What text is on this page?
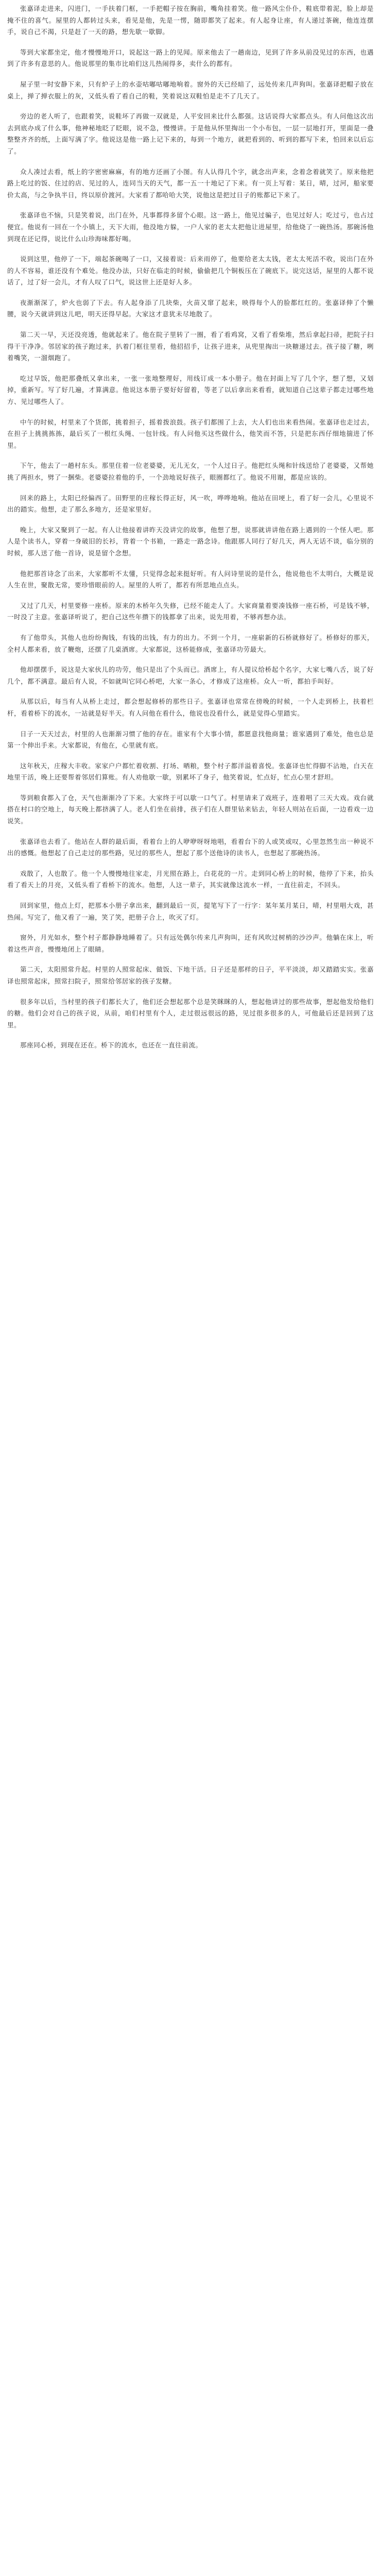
张嘉译走进来，闪进门，一手扶着门框，一手把帽子按在胸前，嘴角挂着笑。他一路风尘仆仆，鞋底带着泥，脸上却是掩不住的喜气。屋里的人都转过头来，看见是他，先是一愣，随即都笑了起来。有人起身让座，有人递过茶碗，他连连摆手，说自己不渴，只是赶了一天的路，想先歇一歇脚。

等到大家都坐定，他才慢慢地开口，说起这一路上的见闻。原来他去了一趟南边，见到了许多从前没见过的东西，也遇到了许多有意思的人。他说那里的集市比咱们这儿热闹得多，卖什么的都有。

屋子里一时安静下来，只有炉子上的水壶咕嘟咕嘟地响着。窗外的天已经暗了，远处传来几声狗叫。张嘉译把帽子放在桌上，掸了掸衣服上的灰，又低头看了看自己的鞋，笑着说这双鞋怕是走不了几天了。

旁边的老人听了，也跟着笑，说鞋坏了再做一双就是，人平安回来比什么都强。这话说得大家都点头。有人问他这次出去到底办成了什么事，他神秘地眨了眨眼，说不急，慢慢讲。于是他从怀里掏出一个小布包，一层一层地打开，里面是一叠整整齐齐的纸，上面写满了字。他说这是他一路上记下来的，每到一个地方，就把看到的、听到的都写下来，怕回来以后忘了。

众人凑过去看，纸上的字密密麻麻，有的地方还画了小图。有人认得几个字，就念出声来，念着念着就笑了。原来他把路上吃过的饭、住过的店、见过的人，连同当天的天气，都一五一十地记了下来。有一页上写着：某日，晴，过河，船家要价太高，与之争执半日，终以原价渡河。大家看了都哈哈大笑，说他这是把过日子的账都记下来了。

张嘉译也不恼，只是笑着说，出门在外，凡事都得多留个心眼。这一路上，他见过骗子，也见过好人；吃过亏，也占过便宜。他说有一回在一个小镇上，天下大雨，他没地方躲，一户人家的老太太把他让进屋里，给他烧了一碗热汤。那碗汤他到现在还记得，说比什么山珍海味都好喝。

说到这里，他停了一下，端起茶碗喝了一口，又接着说：后来雨停了，他要给老太太钱，老太太死活不收，说出门在外的人不容易，谁还没有个难处。他没办法，只好在临走的时候，偷偷把几个铜板压在了碗底下。说完这话，屋里的人都不说话了，过了好一会儿，才有人叹了口气，说这世上还是好人多。

夜渐渐深了，炉火也弱了下去。有人起身添了几块柴，火苗又窜了起来，映得每个人的脸都红红的。张嘉译伸了个懒腰，说今天就讲到这儿吧，明天还得早起。大家这才意犹未尽地散了。

第二天一早，天还没亮透，他就起来了。他在院子里转了一圈，看了看鸡窝，又看了看柴堆，然后拿起扫帚，把院子扫得干干净净。邻居家的孩子跑过来，扒着门框往里看，他招招手，让孩子进来，从兜里掏出一块糖递过去。孩子接了糖，咧着嘴笑，一溜烟跑了。

吃过早饭，他把那叠纸又拿出来，一张一张地整理好，用线订成一本小册子。他在封面上写了几个字，想了想，又划掉，重新写。写了好几遍，才算满意。他说这本册子要好好留着，等老了以后拿出来看看，就知道自己这辈子都走过哪些地方、见过哪些人了。

中午的时候，村里来了个货郎，挑着担子，摇着拨浪鼓。孩子们都围了上去，大人们也出来看热闹。张嘉译也走过去，在担子上挑挑拣拣，最后买了一根红头绳、一包针线。有人问他买这些做什么，他笑而不答，只是把东西仔细地揣进了怀里。

下午，他去了一趟村东头。那里住着一位老婆婆，无儿无女，一个人过日子。他把红头绳和针线送给了老婆婆，又帮她挑了两担水，劈了一捆柴。老婆婆拉着他的手，一个劲地说好孩子，眼圈都红了。他说不用谢，都是应该的。

回来的路上，太阳已经偏西了。田野里的庄稼长得正好，风一吹，哗哗地响。他站在田埂上，看了好一会儿，心里说不出的踏实。他想，走了那么多地方，还是家里好。

晚上，大家又聚到了一起。有人让他接着讲昨天没讲完的故事，他想了想，说那就讲讲他在路上遇到的一个怪人吧。那人是个读书人，穿着一身破旧的长衫，背着一个书箱，一路走一路念诗。他跟那人同行了好几天，两人无话不谈，临分别的时候，那人送了他一首诗，说是留个念想。

他把那首诗念了出来，大家都听不太懂，只觉得念起来挺好听。有人问诗里说的是什么，他说他也不太明白，大概是说人生在世，聚散无常，要珍惜眼前的人。屋里的人听了，都若有所思地点点头。

又过了几天，村里要修一座桥。原来的木桥年久失修，已经不能走人了。大家商量着要凑钱修一座石桥，可是钱不够，一时没了主意。张嘉译听说了，把自己这些年攒下的钱都拿了出来，说先用着，不够再想办法。

有了他带头，其他人也纷纷掏钱，有钱的出钱，有力的出力。不到一个月，一座崭新的石桥就修好了。桥修好的那天，全村人都来看，放了鞭炮，还摆了几桌酒席。大家都说，这桥能修成，张嘉译功劳最大。

他却摆摆手，说这是大家伙儿的功劳，他只是出了个头而已。酒席上，有人提议给桥起个名字，大家七嘴八舌，说了好几个，都不满意。最后有人说，不如就叫它同心桥吧，大家一条心，才修成了这座桥。众人一听，都拍手叫好。

从那以后，每当有人从桥上走过，都会想起修桥的那些日子。张嘉译也常常在傍晚的时候，一个人走到桥上，扶着栏杆，看着桥下的流水，一站就是好半天。有人问他在看什么，他说也没看什么，就是觉得心里踏实。

日子一天天过去，村里的人也渐渐习惯了他的存在。谁家有个大事小情，都愿意找他商量；谁家遇到了难处，他也总是第一个伸出手来。大家都说，有他在，心里就有底。

这年秋天，庄稼大丰收。家家户户都忙着收割、打场、晒粮，整个村子都洋溢着喜悦。张嘉译也忙得脚不沾地，白天在地里干活，晚上还要帮着邻居们算账。有人劝他歇一歇，别累坏了身子，他笑着说，忙点好，忙点心里才舒坦。

等到粮食都入了仓，天气也渐渐冷了下来。大家终于可以歇一口气了。村里请来了戏班子，连着唱了三天大戏。戏台就搭在村口的空地上，每天晚上都挤满了人。老人们坐在前排，孩子们在人群里钻来钻去，年轻人则站在后面，一边看戏一边说笑。

张嘉译也去看了。他站在人群的最后面，看着台上的人咿咿呀呀地唱，看着台下的人或笑或叹，心里忽然生出一种说不出的感慨。他想起了自己走过的那些路，见过的那些人，想起了那个送他诗的读书人，也想起了那碗热汤。

戏散了，人也散了。他一个人慢慢地往家走，月光照在路上，白花花的一片。走到同心桥上的时候，他停了下来，抬头看了看天上的月亮，又低头看了看桥下的流水。他想，人这一辈子，其实就像这流水一样，一直往前走，不回头。

回到家里，他点上灯，把那本小册子拿出来，翻到最后一页，提笔写下了一行字：某年某月某日，晴，村里唱大戏，甚热闹。写完了，他又看了一遍，笑了笑，把册子合上，吹灭了灯。

窗外，月光如水，整个村子都静静地睡着了。只有远处偶尔传来几声狗叫，还有风吹过树梢的沙沙声。他躺在床上，听着这些声音，慢慢地闭上了眼睛。

第二天，太阳照常升起。村里的人照常起床、做饭、下地干活。日子还是那样的日子，平平淡淡，却又踏踏实实。张嘉译也照常起床，照常扫院子，照常给邻居家的孩子发糖。

很多年以后，当村里的孩子们都长大了，他们还会想起那个总是笑眯眯的人，想起他讲过的那些故事，想起他发给他们的糖。他们会对自己的孩子说，从前，咱们村里有个人，走过很远很远的路，见过很多很多的人，可他最后还是回到了这里。

那座同心桥，到现在还在。桥下的流水，也还在一直往前流。
